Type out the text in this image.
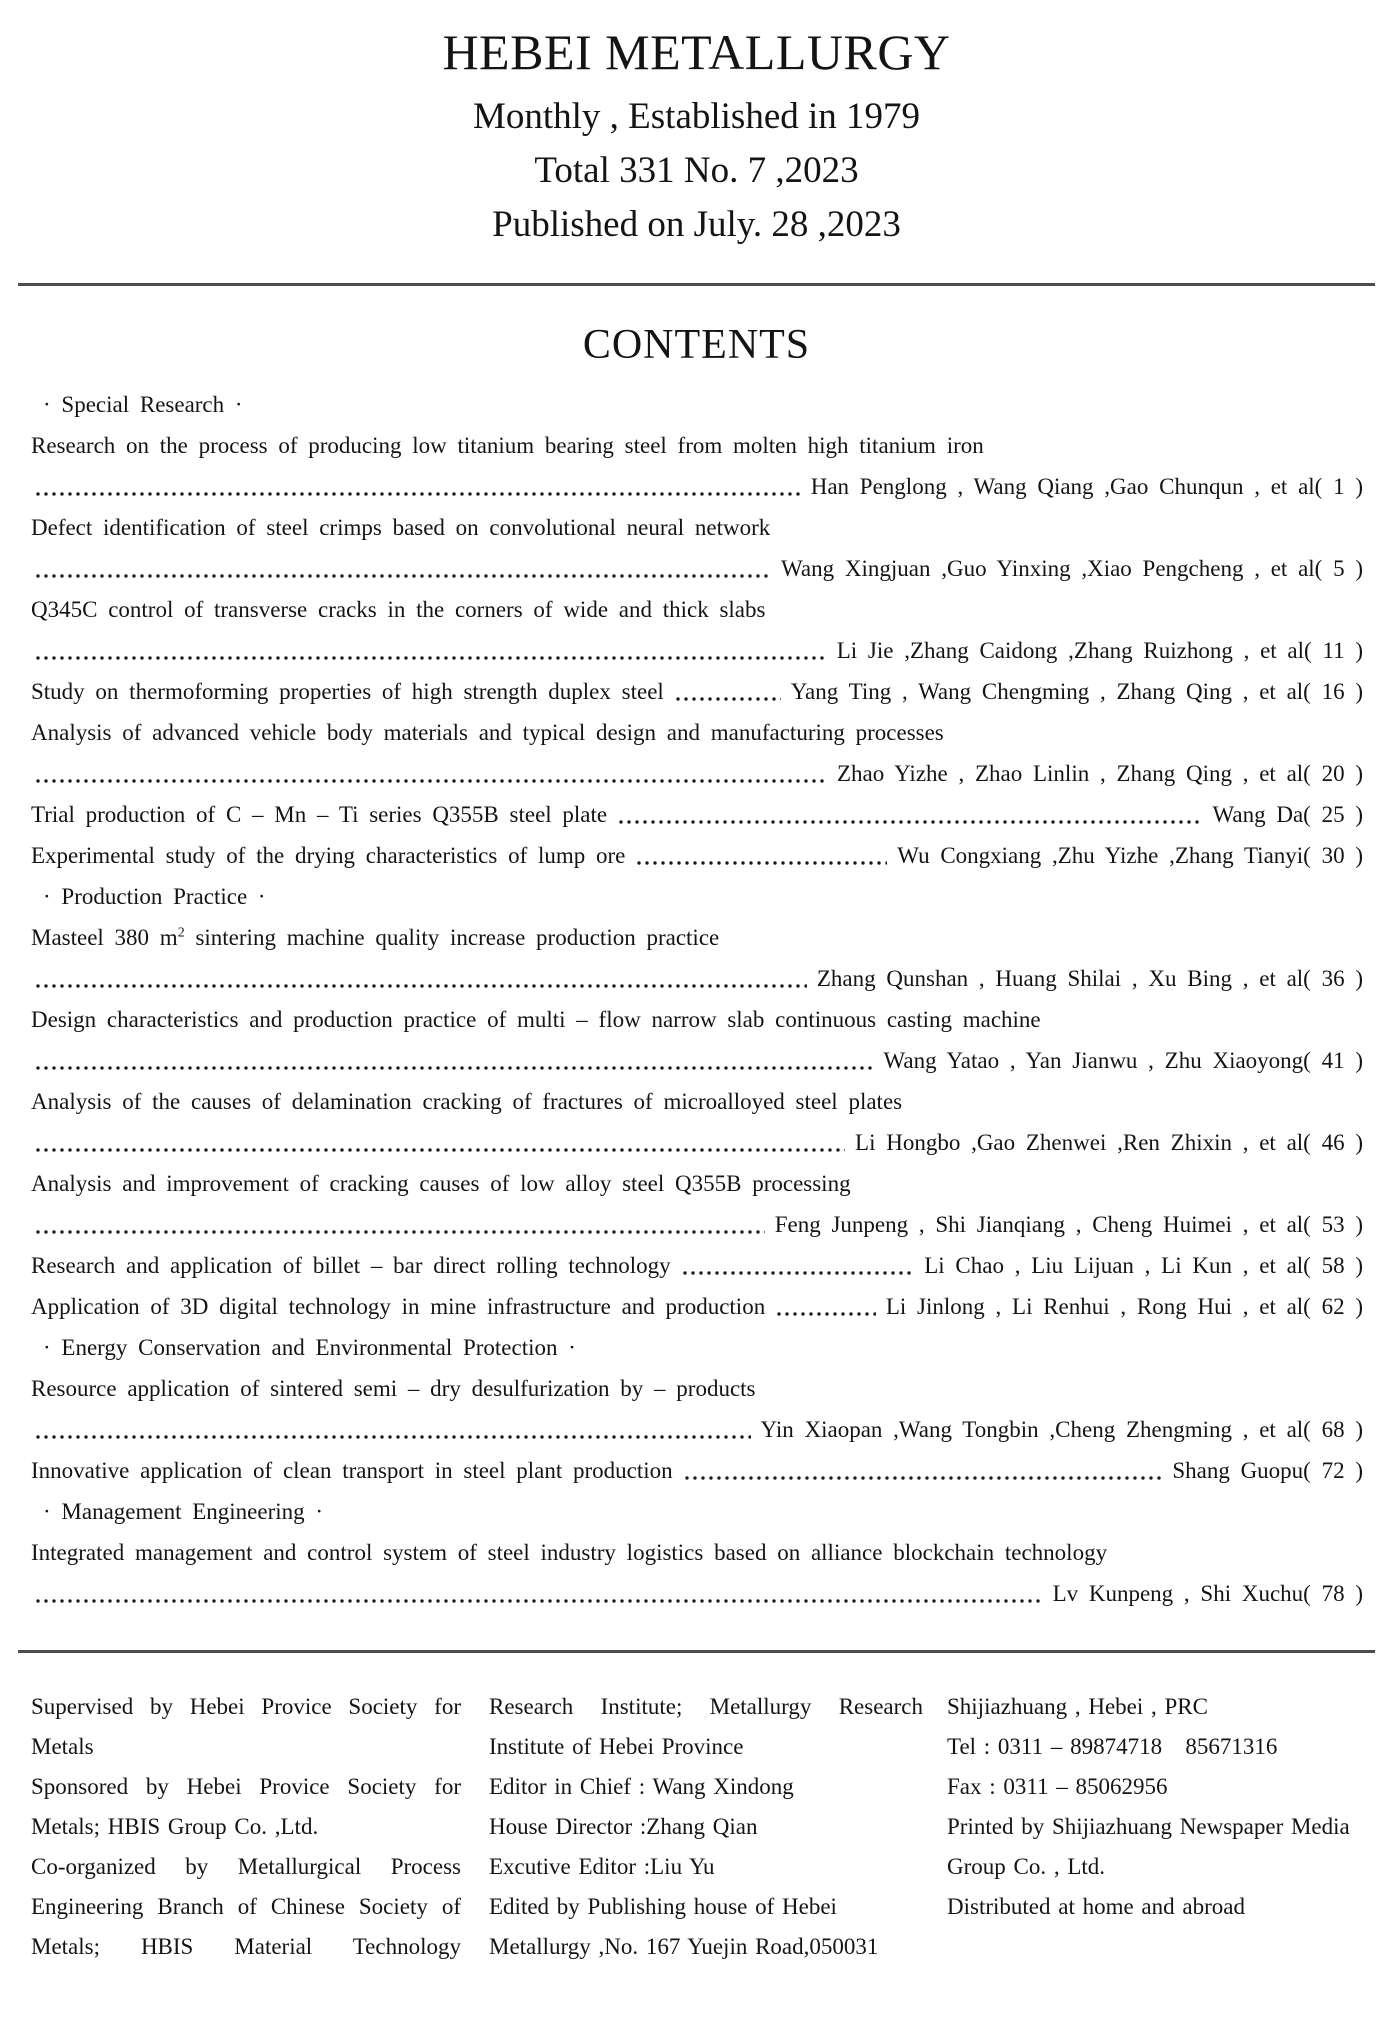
HEBEI METALLURGY
Monthly , Established in 1979
Total 331 No. 7 ,2023
Published on July. 28 ,2023
CONTENTS
· Special Research ·
Research on the process of producing low titanium bearing steel from molten high titanium iron
Han Penglong , Wang Qiang ,Gao Chunqun , et al( 1 )
Defect identification of steel crimps based on convolutional neural network
Wang Xingjuan ,Guo Yinxing ,Xiao Pengcheng , et al( 5 )
Q345C control of transverse cracks in the corners of wide and thick slabs
Li Jie ,Zhang Caidong ,Zhang Ruizhong , et al( 11 )
Study on thermoforming properties of high strength duplex steel	Yang Ting , Wang Chengming , Zhang Qing , et al( 16 )
Analysis of advanced vehicle body materials and typical design and manufacturing processes
Zhao Yizhe , Zhao Linlin , Zhang Qing , et al( 20 )
Trial production of C – Mn – Ti series Q355B steel plate	Wang Da( 25 )
Experimental study of the drying characteristics of lump ore	Wu Congxiang ,Zhu Yizhe ,Zhang Tianyi( 30 )
· Production Practice ·
Masteel 380 $m^2$ sintering machine quality increase production practice
Zhang Qunshan , Huang Shilai , Xu Bing , et al( 36 )
Design characteristics and production practice of multi – flow narrow slab continuous casting machine
Wang Yatao , Yan Jianwu , Zhu Xiaoyong( 41 )
Analysis of the causes of delamination cracking of fractures of microalloyed steel plates
Li Hongbo ,Gao Zhenwei ,Ren Zhixin , et al( 46 )
Analysis and improvement of cracking causes of low alloy steel Q355B processing
Feng Junpeng , Shi Jianqiang , Cheng Huimei , et al( 53 )
Research and application of billet – bar direct rolling technology	Li Chao , Liu Lijuan , Li Kun , et al( 58 )
Application of 3D digital technology in mine infrastructure and production	Li Jinlong , Li Renhui , Rong Hui , et al( 62 )
· Energy Conservation and Environmental Protection ·
Resource application of sintered semi – dry desulfurization by – products
Yin Xiaopan ,Wang Tongbin ,Cheng Zhengming , et al( 68 )
Innovative application of clean transport in steel plant production	Shang Guopu( 72 )
· Management Engineering ·
Integrated management and control system of steel industry logistics based on alliance blockchain technology
Lv Kunpeng , Shi Xuchu( 78 )
Supervised by Hebei Provice Society for
Metals
Sponsored by Hebei Provice Society for
Metals; HBIS Group Co. ,Ltd.
Co-organized by Metallurgical Process
Engineering Branch of Chinese Society of
Metals; HBIS Material Technology
Research Institute; Metallurgy Research
Institute of Hebei Province
Editor in Chief : Wang Xindong
House Director :Zhang Qian
Excutive Editor :Liu Yu
Edited by Publishing house of Hebei
Metallurgy ,No. 167 Yuejin Road,050031
Shijiazhuang , Hebei , PRC
Tel : 0311 – 89874718   85671316
Fax : 0311 – 85062956
Printed by Shijiazhuang Newspaper Media
Group Co. , Ltd.
Distributed at home and abroad
